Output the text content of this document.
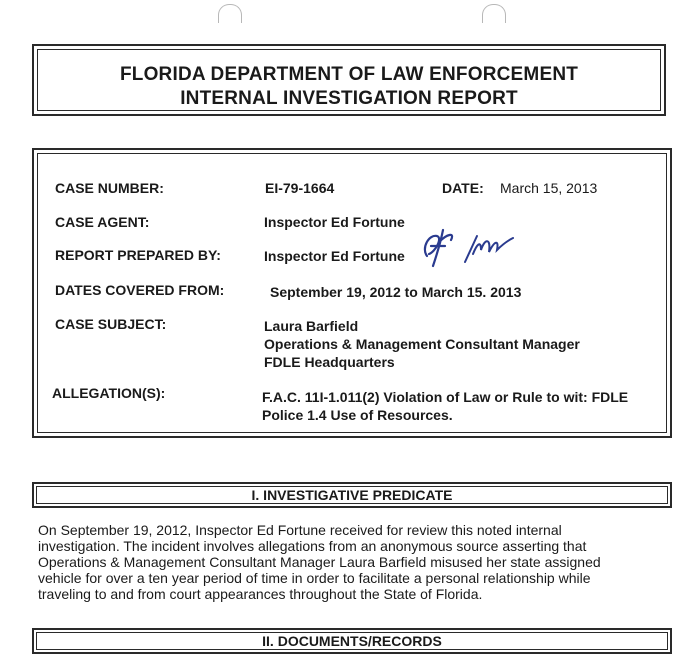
FLORIDA DEPARTMENT OF LAW ENFORCEMENT
INTERNAL INVESTIGATION REPORT
CASE NUMBER:	EI-79-1664	DATE: March 15, 2013
CASE AGENT:	Inspector Ed Fortune
REPORT PREPARED BY:	Inspector Ed Fortune
DATES COVERED FROM:	September 19, 2012 to March 15. 2013
CASE SUBJECT:	Laura Barfield
Operations & Management Consultant Manager
FDLE Headquarters
ALLEGATION(S):	F.A.C. 11I-1.011(2) Violation of Law or Rule to wit: FDLE
Police 1.4 Use of Resources.
I. INVESTIGATIVE PREDICATE
On September 19, 2012, Inspector Ed Fortune received for review this noted internal
investigation. The incident involves allegations from an anonymous source asserting that
Operations & Management Consultant Manager Laura Barfield misused her state assigned
vehicle for over a ten year period of time in order to facilitate a personal relationship while
traveling to and from court appearances throughout the State of Florida.
II. DOCUMENTS/RECORDS
